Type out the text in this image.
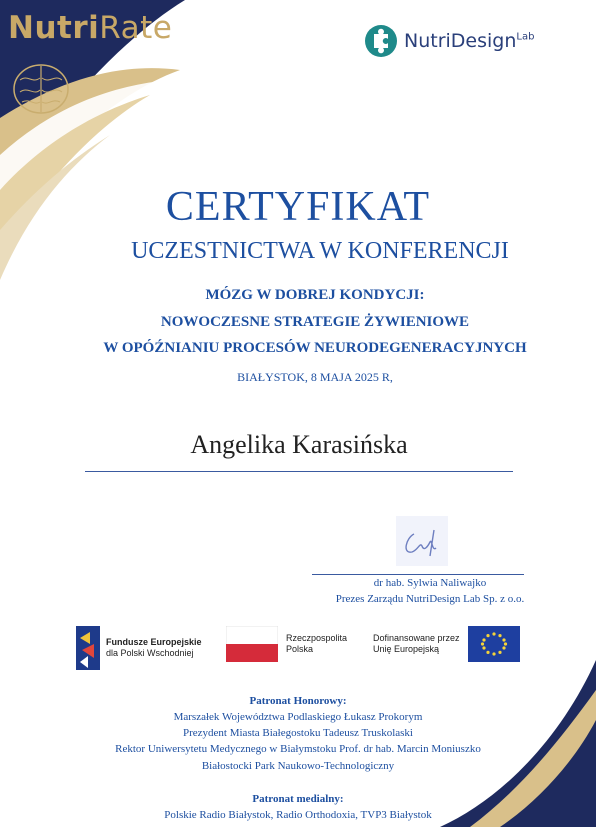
NutriRate	NutriDesign$^{Lab}$
CERTYFIKAT
UCZESTNICTWA W KONFERENCJI
MÓZG W DOBREJ KONDYCJI:
NOWOCZESNE STRATEGIE ŻYWIENIOWE
W OPÓŹNIANIU PROCESÓW NEURODEGENERACYJNYCH
BIAŁYSTOK, 8 MAJA 2025 R,
Angelika Karasińska
dr hab. Sylwia Naliwajko
Prezes Zarządu NutriDesign Lab Sp. z o.o.
Fundusze Europejskie
dla Polski Wschodniej
Rzeczpospolita
Polska
Dofinansowane przez
Unię Europejską
Patronat Honorowy:
Marszałek Województwa Podlaskiego Łukasz Prokorym
Prezydent Miasta Białegostoku Tadeusz Truskolaski
Rektor Uniwersytetu Medycznego w Białymstoku Prof. dr hab. Marcin Moniuszko
Białostocki Park Naukowo-Technologiczny
Patronat medialny:
Polskie Radio Białystok, Radio Orthodoxia, TVP3 Białystok
